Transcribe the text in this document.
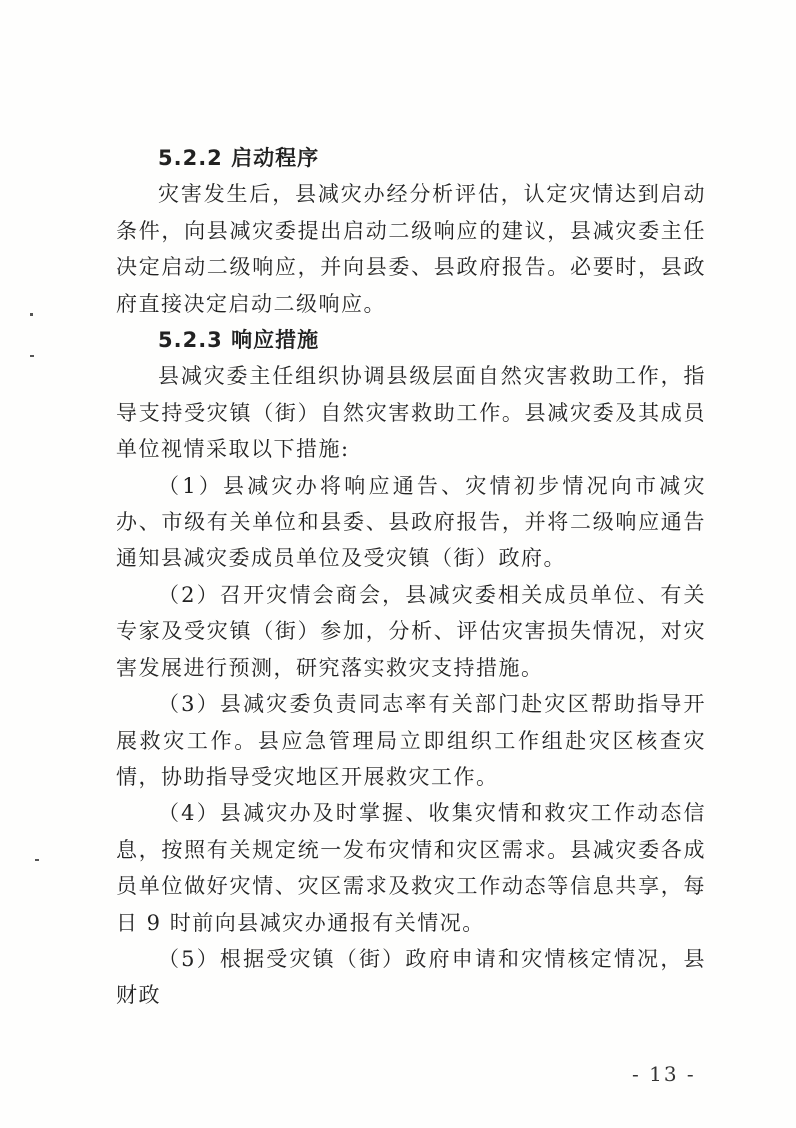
5.2.2 启动程序

灾害发生后，县减灾办经分析评估，认定灾情达到启动条件，向县减灾委提出启动二级响应的建议，县减灾委主任决定启动二级响应，并向县委、县政府报告。必要时，县政府直接决定启动二级响应。

5.2.3 响应措施

县减灾委主任组织协调县级层面自然灾害救助工作，指导支持受灾镇（街）自然灾害救助工作。县减灾委及其成员单位视情采取以下措施:

（1）县减灾办将响应通告、灾情初步情况向市减灾办、市级有关单位和县委、县政府报告，并将二级响应通告通知县减灾委成员单位及受灾镇（街）政府。

（2）召开灾情会商会，县减灾委相关成员单位、有关专家及受灾镇（街）参加，分析、评估灾害损失情况，对灾害发展进行预测，研究落实救灾支持措施。

（3）县减灾委负责同志率有关部门赴灾区帮助指导开展救灾工作。县应急管理局立即组织工作组赴灾区核查灾情，协助指导受灾地区开展救灾工作。

（4）县减灾办及时掌握、收集灾情和救灾工作动态信息，按照有关规定统一发布灾情和灾区需求。县减灾委各成员单位做好灾情、灾区需求及救灾工作动态等信息共享，每日 9 时前向县减灾办通报有关情况。

（5）根据受灾镇（街）政府申请和灾情核定情况，县财政

- 13 -
